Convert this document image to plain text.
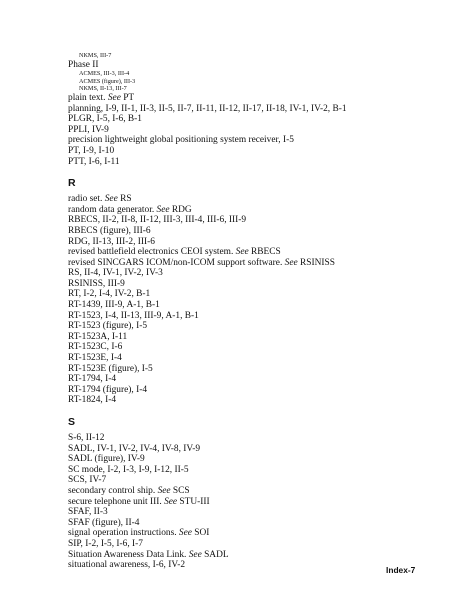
NKMS, III-7
Phase II
ACMES, III-3, III-4
ACMES (figure), III-3
NKMS, II-13, III-7
plain text. See PT
planning, I-9, II-1, II-3, II-5, II-7, II-11, II-12, II-17, II-18, IV-1, IV-2, B-1
PLGR, I-5, I-6, B-1
PPLI, IV-9
precision lightweight global positioning system receiver, I-5
PT, I-9, I-10
PTT, I-6, I-11
R
radio set. See RS
random data generator. See RDG
RBECS, II-2, II-8, II-12, III-3, III-4, III-6, III-9
RBECS (figure), III-6
RDG, II-13, III-2, III-6
revised battlefield electronics CEOI system. See RBECS
revised SINCGARS ICOM/non-ICOM support software. See RSINISS
RS, II-4, IV-1, IV-2, IV-3
RSINISS, III-9
RT, I-2, I-4, IV-2, B-1
RT-1439, III-9, A-1, B-1
RT-1523, I-4, II-13, III-9, A-1, B-1
RT-1523 (figure), I-5
RT-1523A, I-11
RT-1523C, I-6
RT-1523E, I-4
RT-1523E (figure), I-5
RT-1794, I-4
RT-1794 (figure), I-4
RT-1824, I-4
S
S-6, II-12
SADL, IV-1, IV-2, IV-4, IV-8, IV-9
SADL (figure), IV-9
SC mode, I-2, I-3, I-9, I-12, II-5
SCS, IV-7
secondary control ship. See SCS
secure telephone unit III. See STU-III
SFAF, II-3
SFAF (figure), II-4
signal operation instructions. See SOI
SIP, I-2, I-5, I-6, I-7
Situation Awareness Data Link. See SADL
situational awareness, I-6, IV-2	Index-7
